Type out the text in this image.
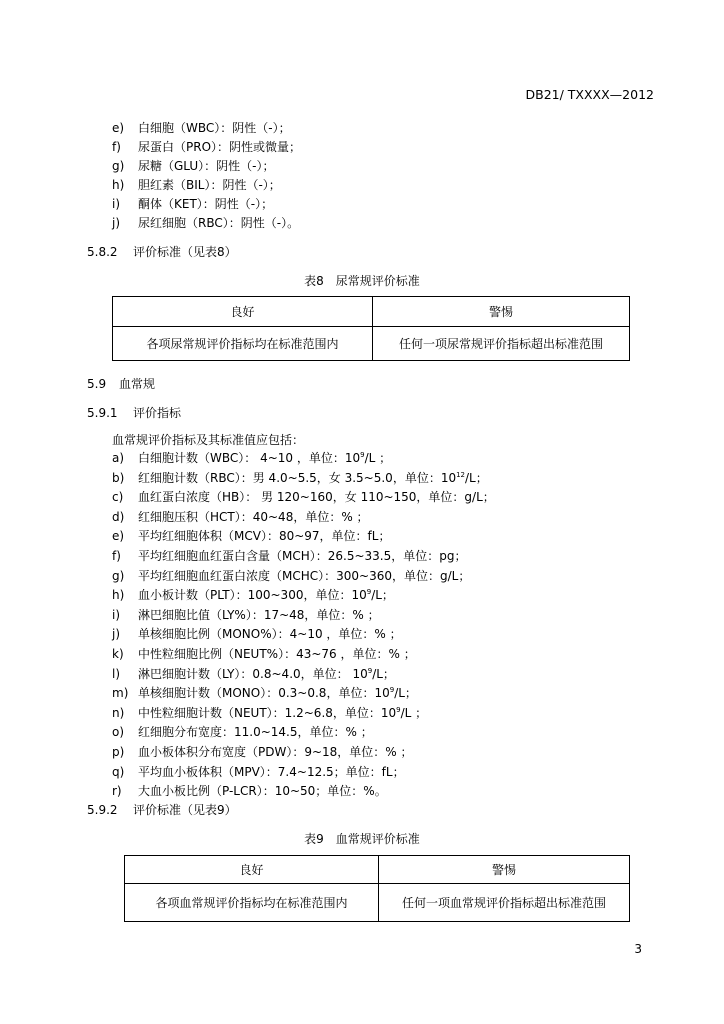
DB21/ TXXXX—2012
e) 白细胞（WBC）：阴性（-）；
f) 尿蛋白（PRO）：阴性或微量；
g) 尿糖（GLU）：阴性（-）；
h) 胆红素（BIL）：阴性（-）；
i) 酮体（KET）：阴性（-）；
j) 尿红细胞（RBC）：阴性（-）。
5.8.2 评价标准（见表8）
表8　尿常规评价标准
良好	警惕
各项尿常规评价指标均在标准范围内	任何一项尿常规评价指标超出标准范围
5.9 血常规
5.9.1 评价指标
血常规评价指标及其标准值应包括：
a) 白细胞计数（WBC）： 4~10 ，单位：$10^9/L$ ；
b) 红细胞计数（RBC）：男 4.0~5.5，女 3.5~5.0，单位：$10^{12}/L$；
c) 血红蛋白浓度（HB）： 男 120~160，女 110~150，单位：g/L；
d) 红细胞压积（HCT）：40~48，单位：% ；
e) 平均红细胞体积（MCV）：80~97，单位：fL；
f) 平均红细胞血红蛋白含量（MCH）：26.5~33.5，单位：pg；
g) 平均红细胞血红蛋白浓度（MCHC）：300~360，单位：g/L；
h) 血小板计数（PLT）：100~300，单位：$10^9/L$；
i) 淋巴细胞比值（LY%）：17~48，单位：% ；
j) 单核细胞比例（MONO%）：4~10 ，单位：% ；
k) 中性粒细胞比例（NEUT%）：43~76 ，单位：% ；
l) 淋巴细胞计数（LY）：0.8~4.0，单位： $10^9/L$；
m) 单核细胞计数（MONO）：0.3~0.8，单位：$10^9/L$；
n) 中性粒细胞计数（NEUT）：1.2~6.8，单位：$10^9/L$ ；
o) 红细胞分布宽度：11.0~14.5，单位：% ；
p) 血小板体积分布宽度（PDW）：9~18，单位：% ；
q) 平均血小板体积（MPV）：7.4~12.5；单位：fL；
r) 大血小板比例（P-LCR）：10~50；单位：%。
5.9.2 评价标准（见表9）
表9　血常规评价标准
良好	警惕
各项血常规评价指标均在标准范围内	任何一项血常规评价指标超出标准范围
3
